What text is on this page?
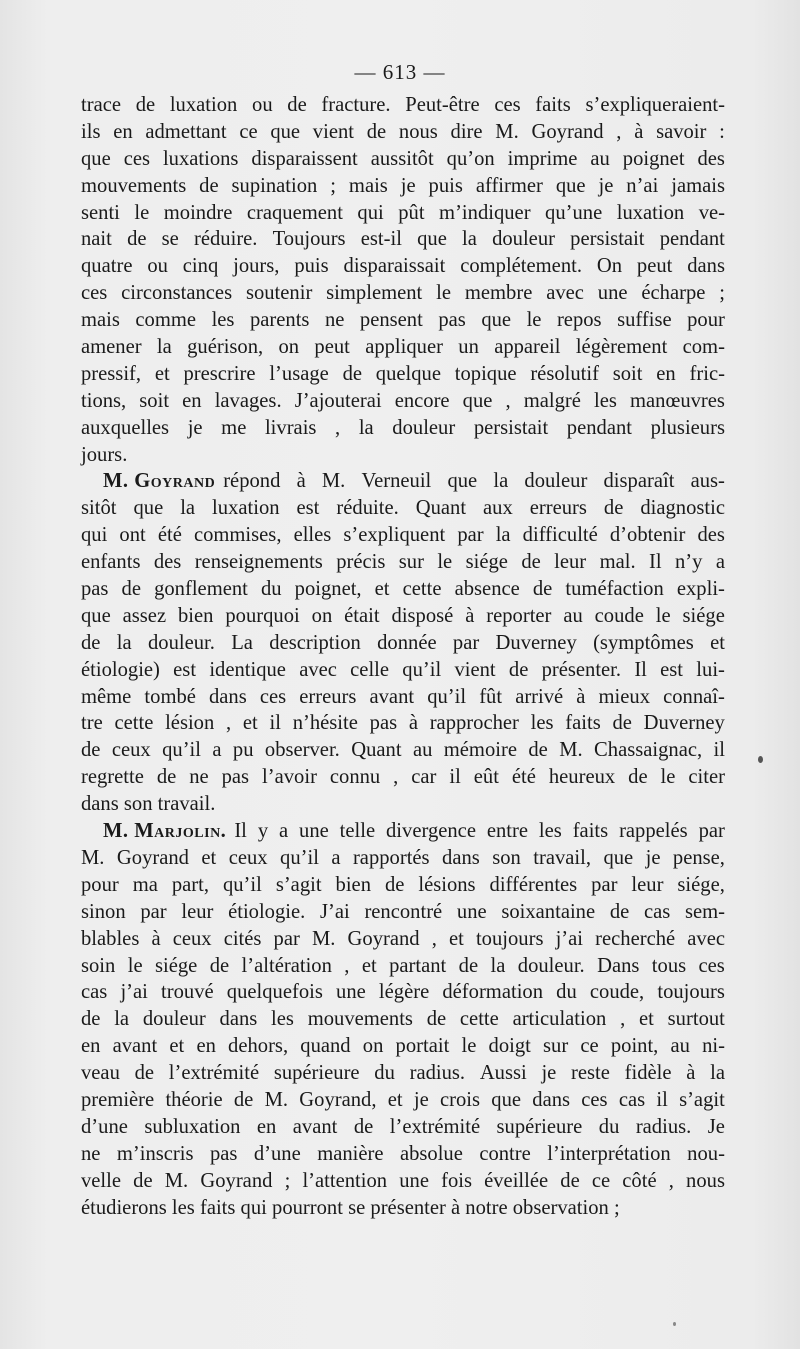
— 613 —
trace de luxation ou de fracture. Peut-être ces faits s’expliqueraient-
ils en admettant ce que vient de nous dire M. Goyrand , à savoir :
que ces luxations disparaissent aussitôt qu’on imprime au poignet des
mouvements de supination ; mais je puis affirmer que je n’ai jamais
senti le moindre craquement qui pût m’indiquer qu’une luxation ve-
nait de se réduire. Toujours est-il que la douleur persistait pendant
quatre ou cinq jours, puis disparaissait complétement. On peut dans
ces circonstances soutenir simplement le membre avec une écharpe ;
mais comme les parents ne pensent pas que le repos suffise pour
amener la guérison, on peut appliquer un appareil légèrement com-
pressif, et prescrire l’usage de quelque topique résolutif soit en fric-
tions, soit en lavages. J’ajouterai encore que , malgré les manœuvres
auxquelles je me livrais , la douleur persistait pendant plusieurs
jours.
M. Goyrand répond à M. Verneuil que la douleur disparaît aus-
sitôt que la luxation est réduite. Quant aux erreurs de diagnostic
qui ont été commises, elles s’expliquent par la difficulté d’obtenir des
enfants des renseignements précis sur le siége de leur mal. Il n’y a
pas de gonflement du poignet, et cette absence de tuméfaction expli-
que assez bien pourquoi on était disposé à reporter au coude le siége
de la douleur. La description donnée par Duverney (symptômes et
étiologie) est identique avec celle qu’il vient de présenter. Il est lui-
même tombé dans ces erreurs avant qu’il fût arrivé à mieux connaî-
tre cette lésion , et il n’hésite pas à rapprocher les faits de Duverney
de ceux qu’il a pu observer. Quant au mémoire de M. Chassaignac, il
regrette de ne pas l’avoir connu , car il eût été heureux de le citer
dans son travail.
M. Marjolin. Il y a une telle divergence entre les faits rappelés par
M. Goyrand et ceux qu’il a rapportés dans son travail, que je pense,
pour ma part, qu’il s’agit bien de lésions différentes par leur siége,
sinon par leur étiologie. J’ai rencontré une soixantaine de cas sem-
blables à ceux cités par M. Goyrand , et toujours j’ai recherché avec
soin le siége de l’altération , et partant de la douleur. Dans tous ces
cas j’ai trouvé quelquefois une légère déformation du coude, toujours
de la douleur dans les mouvements de cette articulation , et surtout
en avant et en dehors, quand on portait le doigt sur ce point, au ni-
veau de l’extrémité supérieure du radius. Aussi je reste fidèle à la
première théorie de M. Goyrand, et je crois que dans ces cas il s’agit
d’une subluxation en avant de l’extrémité supérieure du radius. Je
ne m’inscris pas d’une manière absolue contre l’interprétation nou-
velle de M. Goyrand ; l’attention une fois éveillée de ce côté , nous
étudierons les faits qui pourront se présenter à notre observation ;
